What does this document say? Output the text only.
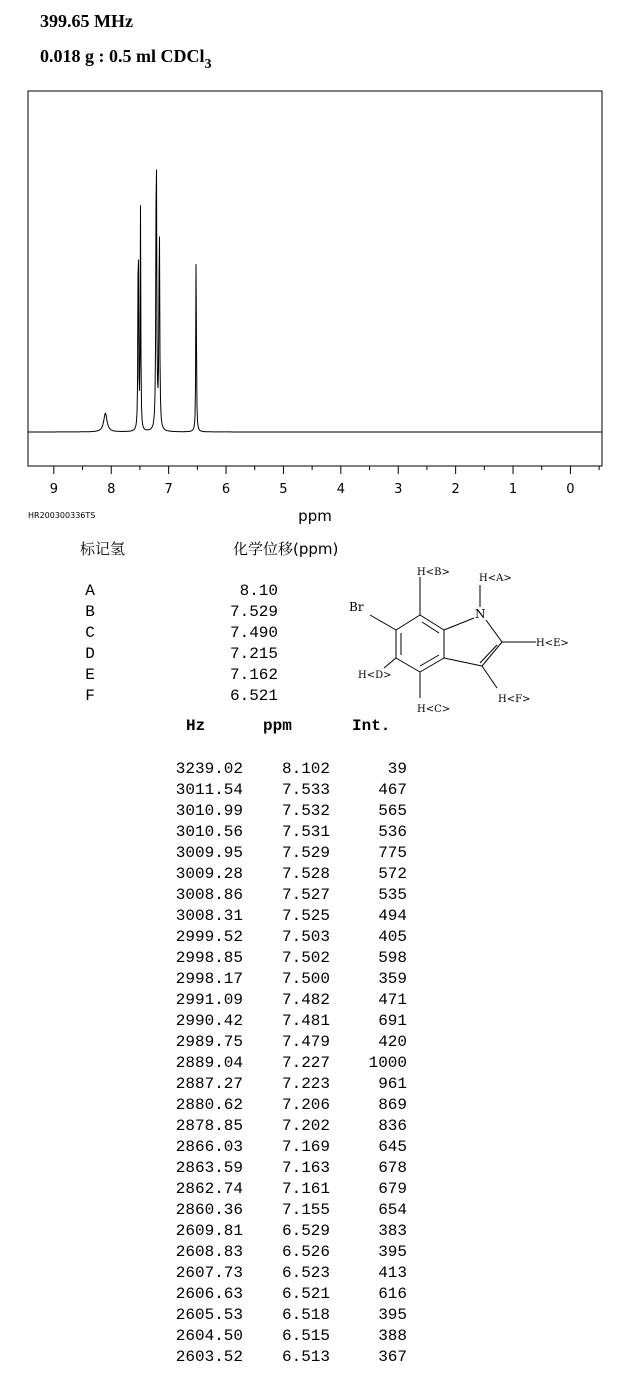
399.65 MHz
0.018 g : 0.5 ml CDCl$_3$
9	8	7	6	5	4	3	2	1	0
ppm
HR200300336TS
标记氢	化学位移(ppm)
A	8.10
B	7.529
C	7.490
D	7.215
E	7.162
F	6.521
Br	N
H<B>
H<A>
H<E>
H<D>
H<F>
H<C>
Hz	ppm	Int.
3239.02	8.102	39
3011.54	7.533	467
3010.99	7.532	565
3010.56	7.531	536
3009.95	7.529	775
3009.28	7.528	572
3008.86	7.527	535
3008.31	7.525	494
2999.52	7.503	405
2998.85	7.502	598
2998.17	7.500	359
2991.09	7.482	471
2990.42	7.481	691
2989.75	7.479	420
2889.04	7.227	1000
2887.27	7.223	961
2880.62	7.206	869
2878.85	7.202	836
2866.03	7.169	645
2863.59	7.163	678
2862.74	7.161	679
2860.36	7.155	654
2609.81	6.529	383
2608.83	6.526	395
2607.73	6.523	413
2606.63	6.521	616
2605.53	6.518	395
2604.50	6.515	388
2603.52	6.513	367
